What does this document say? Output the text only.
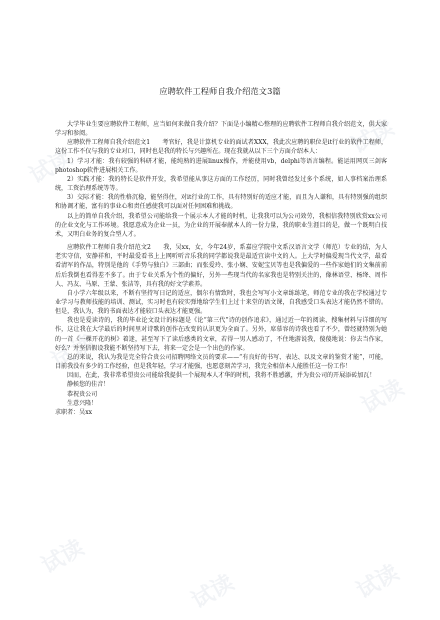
试读
试读
试读
试读
试读
试读	试读
应聘软件工程师自我介绍范文3篇

大学毕业生要应聘软件工程师，应当如何来做自我介绍？下面是小编精心整理的应聘软件工程师自我介绍范文，供大家学习和参阅。

应聘软件工程师自我介绍范文1　　考官好，我是计算机专业的面试者XXX，我此次应聘的职位是it行业的软件工程师，这份工作不仅与我的专业对口，同时也是我的特长与兴趣所在。现在我就从以下三个方面介绍本人：

1）学习才能：我有较强的科研才能，能纯熟的进展linux操作，并能使用vb，delphi等语言编程。能运用网页三剑客photoshop软件进展相关工作。

2）实践才能：我的特长是软件开发，我希望能从事这方面的工作经历，同时我曾经发过多个系统，如人事档案治理系统，工资治理系统等等。

3）交际才能：我的性格沉稳，能坚得住，对it行业的工作，具有特别好的适应才能，而且为人谦和，具有特别强的组织和协调才能，富有的事业心和责任感使我可以面对任何困难和挑战。

以上的简单自我介绍，我希望公司能给我一个展示本人才能的时机，让我我可以为公司效劳，我相信我特别欣赏xx公司的企业文化与工作环境。我愿意成为企业一员，为企业的开展奉献本人的一份力量，我的职业生涯目的是，做一个既明白技术，又明白业务的复合型人才。

应聘软件工程师自我介绍范文2　　我，吴xx，女，今年24岁，系嘉应学院中文系汉语言文学（师范）专业的结，为人老实守信，安静祥和，平时最爱看书上上网听听音乐我的同学都说我是最适宜读中文的人。上大学时偏爱现当代文学，最看看清军的作品，特别是他的《手势与独白》三部曲；而张爱玲、张小娴、安妮宝贝等也是我偏爱的一些作家她们的文集前前后后我倒也看得差不多了。由于专业关系为个性的偏好，另外一些现当代的名家我也是特别关注的，像林语堂、杨绛、周作人、冯友、马原、王蒙、张洁等，具有我的好文学素养。

自小学六年级以来，不断有坚持写日记的适应，偶尔有情致时，我也会写写小文章练练笔，师范专业的我在学校通过专业学习与教师技能的培训、测试，实习时也有较实弹地给学生们上过十来堂的语文课，自我感受口头表达才能仍然不错的。但是，我认为，我的书面表达才能较口头表达才能更强。

我也是爱读诗的，我的毕业论文设计的标题是《论“第三代”诗的创作追求》，通过近一年的阅读、搜集材料与详细的写作，这让我在大学最后的时间里对诗歌的创作在改变的认识更为全面了。另外，席慕容的诗我也看了不少，曾经就特别为她的一首《一棵开花的树》着迷，甚至写下了读后感类的文章，若得一男人感动了，不住地游说我，傻傻地说：你去当作家，好么？并坚信假设我能不断坚持写下去，将来一定会是一个出色的作家。

总的来说，我认为我是完全符合贵公司招聘网络文员的要求——“有良好的书写、表达、以及文章的鉴赏才能”，可能，目前我没有多少的工作经验，但是我年轻，学习才能强，也愿意刻苦学习，我完全相信本人能胜任这一份工作！

因而，在此，我非常希望贵公司能给我提供一个展现本人才华的时机，我将不胜感激，并为贵公司的开展添砖加瓦！

静候您的佳音！

恭祝贵公司

生意兴隆！

求职者：吴xx
